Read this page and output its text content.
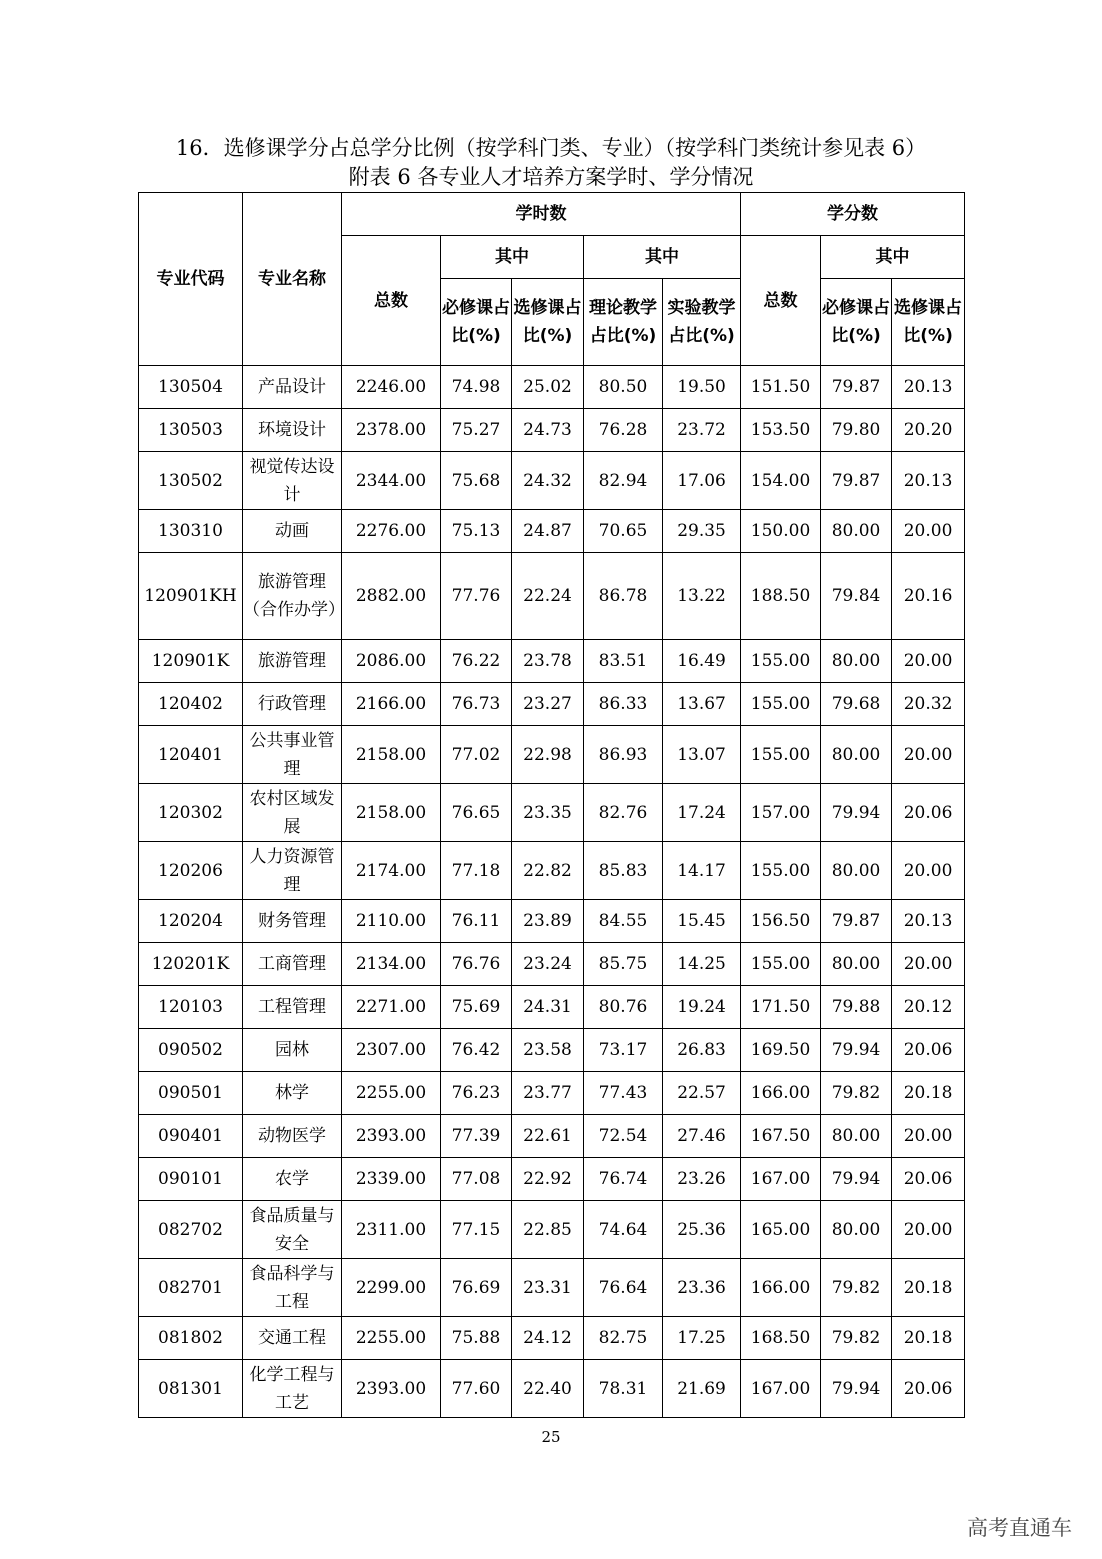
16．选修课学分占总学分比例（按学科门类、专业）（按学科门类统计参见表 6）
附表 6 各专业人才培养方案学时、学分情况
专业代码	专业名称	学时数					学分数		
		总数	其中		其中		总数	其中	
			必修课占比(%)	选修课占比(%)	理论教学占比(%)	实验教学占比(%)		必修课占比(%)	选修课占比(%)
130504	产品设计	2246.00	74.98	25.02	80.50	19.50	151.50	79.87	20.13
130503	环境设计	2378.00	75.27	24.73	76.28	23.72	153.50	79.80	20.20
130502	视觉传达设计	2344.00	75.68	24.32	82.94	17.06	154.00	79.87	20.13
130310	动画	2276.00	75.13	24.87	70.65	29.35	150.00	80.00	20.00
120901KH	旅游管理（合作办学）	2882.00	77.76	22.24	86.78	13.22	188.50	79.84	20.16
120901K	旅游管理	2086.00	76.22	23.78	83.51	16.49	155.00	80.00	20.00
120402	行政管理	2166.00	76.73	23.27	86.33	13.67	155.00	79.68	20.32
120401	公共事业管理	2158.00	77.02	22.98	86.93	13.07	155.00	80.00	20.00
120302	农村区域发展	2158.00	76.65	23.35	82.76	17.24	157.00	79.94	20.06
120206	人力资源管理	2174.00	77.18	22.82	85.83	14.17	155.00	80.00	20.00
120204	财务管理	2110.00	76.11	23.89	84.55	15.45	156.50	79.87	20.13
120201K	工商管理	2134.00	76.76	23.24	85.75	14.25	155.00	80.00	20.00
120103	工程管理	2271.00	75.69	24.31	80.76	19.24	171.50	79.88	20.12
090502	园林	2307.00	76.42	23.58	73.17	26.83	169.50	79.94	20.06
090501	林学	2255.00	76.23	23.77	77.43	22.57	166.00	79.82	20.18
090401	动物医学	2393.00	77.39	22.61	72.54	27.46	167.50	80.00	20.00
090101	农学	2339.00	77.08	22.92	76.74	23.26	167.00	79.94	20.06
082702	食品质量与安全	2311.00	77.15	22.85	74.64	25.36	165.00	80.00	20.00
082701	食品科学与工程	2299.00	76.69	23.31	76.64	23.36	166.00	79.82	20.18
081802	交通工程	2255.00	75.88	24.12	82.75	17.25	168.50	79.82	20.18
081301	化学工程与工艺	2393.00	77.60	22.40	78.31	21.69	167.00	79.94	20.06
25
高考直通车
